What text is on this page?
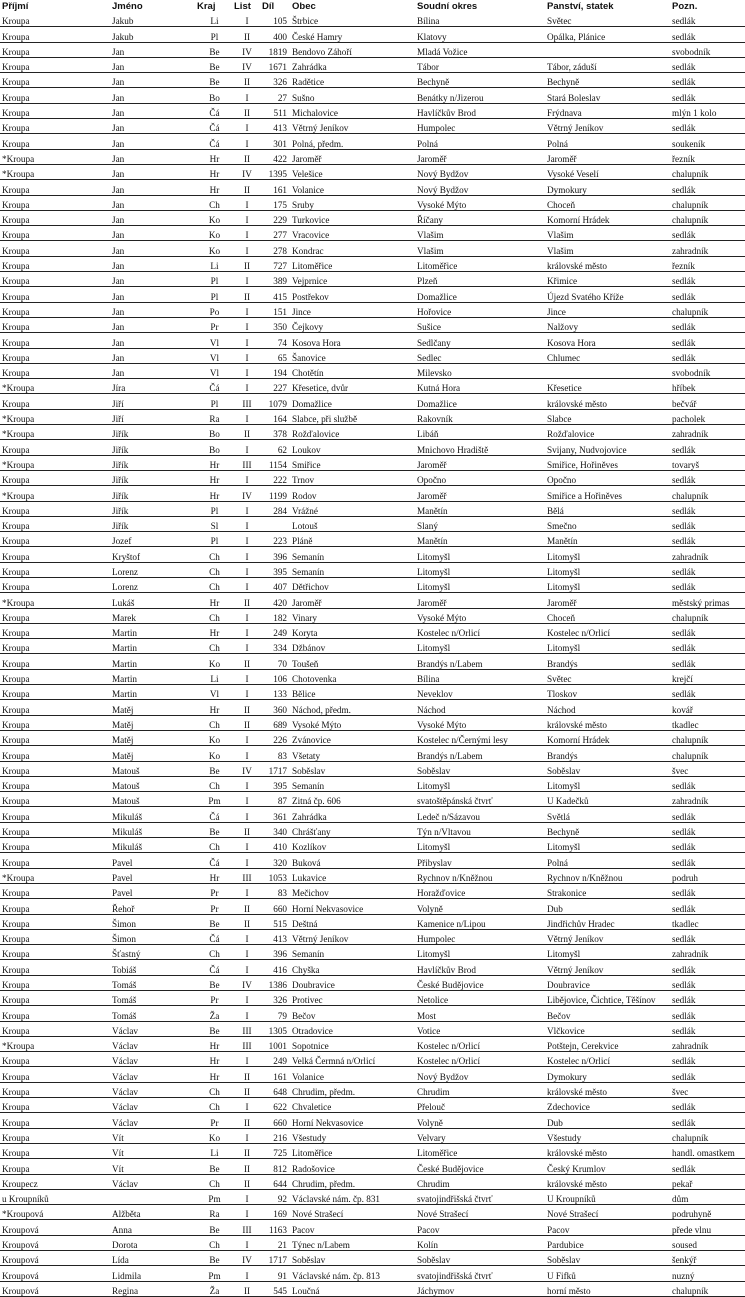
Příjmí	Jméno	Kraj	List	Díl	Obec	Soudní okres	Panství, statek	Pozn.
Kroupa	Jakub	Li	I	105	Štrbice	Bílina	Světec	sedlák
Kroupa	Jakub	Pl	II	400	České Hamry	Klatovy	Opálka, Plánice	sedlák
Kroupa	Jan	Be	IV	1819	Bendovo Záhoří	Mladá Vožice		svobodník
Kroupa	Jan	Be	IV	1671	Zahrádka	Tábor	Tábor, záduší	sedlák
Kroupa	Jan	Be	II	326	Radětice	Bechyně	Bechyně	sedlák
Kroupa	Jan	Bo	I	27	Sušno	Benátky n/Jizerou	Stará Boleslav	sedlák
Kroupa	Jan	Čá	II	511	Michalovice	Havlíčkův Brod	Frýdnava	mlýn 1 kolo
Kroupa	Jan	Čá	I	413	Větrný Jeníkov	Humpolec	Větrný Jeníkov	sedlák
Kroupa	Jan	Čá	I	301	Polná, předm.	Polná	Polná	soukeník
*Kroupa	Jan	Hr	II	422	Jaroměř	Jaroměř	Jaroměř	řezník
*Kroupa	Jan	Hr	IV	1395	Velešice	Nový Bydžov	Vysoké Veselí	chalupník
Kroupa	Jan	Hr	II	161	Volanice	Nový Bydžov	Dymokury	sedlák
Kroupa	Jan	Ch	I	175	Sruby	Vysoké Mýto	Choceň	chalupník
Kroupa	Jan	Ko	I	229	Turkovice	Říčany	Komorní Hrádek	chalupník
Kroupa	Jan	Ko	I	277	Vracovice	Vlašim	Vlašim	sedlák
Kroupa	Jan	Ko	I	278	Kondrac	Vlašim	Vlašim	zahradník
Kroupa	Jan	Li	II	727	Litoměřice	Litoměřice	královské město	řezník
Kroupa	Jan	Pl	I	389	Vejprnice	Plzeň	Křimice	sedlák
Kroupa	Jan	Pl	II	415	Postřekov	Domažlice	Újezd Svatého Kříže	sedlák
Kroupa	Jan	Po	I	151	Jince	Hořovice	Jince	chalupník
Kroupa	Jan	Pr	I	350	Čejkovy	Sušice	Nalžovy	sedlák
Kroupa	Jan	Vl	I	74	Kosova Hora	Sedlčany	Kosova Hora	sedlák
Kroupa	Jan	Vl	I	65	Šanovice	Sedlec	Chlumec	sedlák
Kroupa	Jan	Vl	I	194	Chotětín	Milevsko		svobodník
*Kroupa	Jíra	Čá	I	227	Křesetice, dvůr	Kutná Hora	Křesetice	hříbek
Kroupa	Jiří	Pl	III	1079	Domažlice	Domažlice	královské město	bečvář
*Kroupa	Jiří	Ra	I	164	Slabce, při službě	Rakovník	Slabce	pacholek
*Kroupa	Jiřík	Bo	II	378	Rožďalovice	Libáň	Rožďalovice	zahradník
Kroupa	Jiřík	Bo	I	62	Loukov	Mnichovo Hradiště	Svijany, Nudvojovice	sedlák
*Kroupa	Jiřík	Hr	III	1154	Smiřice	Jaroměř	Smiřice, Hořiněves	tovaryš
Kroupa	Jiřík	Hr	I	222	Trnov	Opočno	Opočno	sedlák
*Kroupa	Jiřík	Hr	IV	1199	Rodov	Jaroměř	Smiřice a Hořiněves	chalupník
Kroupa	Jiřík	Pl	I	284	Vrážné	Manětín	Bělá	sedlák
Kroupa	Jiřík	Sl	I		Lotouš	Slaný	Smečno	sedlák
Kroupa	Jozef	Pl	I	223	Pláně	Manětín	Manětín	sedlák
Kroupa	Kryštof	Ch	I	396	Semanín	Litomyšl	Litomyšl	zahradník
Kroupa	Lorenz	Ch	I	395	Semanín	Litomyšl	Litomyšl	sedlák
Kroupa	Lorenz	Ch	I	407	Dětřichov	Litomyšl	Litomyšl	sedlák
*Kroupa	Lukáš	Hr	II	420	Jaroměř	Jaroměř	Jaroměř	městský primas
Kroupa	Marek	Ch	I	182	Vinary	Vysoké Mýto	Choceň	chalupník
Kroupa	Martin	Hr	I	249	Koryta	Kostelec n/Orlicí	Kostelec n/Orlicí	sedlák
Kroupa	Martin	Ch	I	334	Džbánov	Litomyšl	Litomyšl	sedlák
Kroupa	Martin	Ko	II	70	Toušeň	Brandýs n/Labem	Brandýs	sedlák
Kroupa	Martin	Li	I	106	Chotovenka	Bílina	Světec	krejčí
Kroupa	Martin	Vl	I	133	Bělice	Neveklov	Tloskov	sedlák
Kroupa	Matěj	Hr	II	360	Náchod, předm.	Náchod	Náchod	kovář
Kroupa	Matěj	Ch	II	689	Vysoké Mýto	Vysoké Mýto	královské město	tkadlec
Kroupa	Matěj	Ko	I	226	Zvánovice	Kostelec n/Černými lesy	Komorní Hrádek	chalupník
Kroupa	Matěj	Ko	I	83	Všetaty	Brandýs n/Labem	Brandýs	chalupník
Kroupa	Matouš	Be	IV	1717	Soběslav	Soběslav	Soběslav	švec
Kroupa	Matouš	Ch	I	395	Semanín	Litomyšl	Litomyšl	sedlák
Kroupa	Matouš	Pm	I	87	Zitná čp. 606	svatoštěpánská čtvrť	U Kadečků	zahradník
Kroupa	Mikuláš	Čá	I	361	Zahrádka	Ledeč n/Sázavou	Světlá	sedlák
Kroupa	Mikuláš	Be	II	340	Chrášťany	Týn n/Vltavou	Bechyně	sedlák
Kroupa	Mikuláš	Ch	I	410	Kozlíkov	Litomyšl	Litomyšl	sedlák
Kroupa	Pavel	Čá	I	320	Buková	Přibyslav	Polná	sedlák
*Kroupa	Pavel	Hr	III	1053	Lukavice	Rychnov n/Kněžnou	Rychnov n/Kněžnou	podruh
Kroupa	Pavel	Pr	I	83	Mečichov	Horažďovice	Strakonice	sedlák
Kroupa	Řehoř	Pr	II	660	Horní Nekvasovice	Volyně	Dub	sedlák
Kroupa	Šimon	Be	II	515	Deštná	Kamenice n/Lipou	Jindřichův Hradec	tkadlec
Kroupa	Šimon	Čá	I	413	Větrný Jeníkov	Humpolec	Větrný Jeníkov	sedlák
Kroupa	Šťastný	Ch	I	396	Semanín	Litomyšl	Litomyšl	zahradník
Kroupa	Tobiáš	Čá	I	416	Chyška	Havlíčkův Brod	Větrný Jeníkov	sedlák
Kroupa	Tomáš	Be	IV	1386	Doubravice	České Budějovice	Doubravice	sedlák
Kroupa	Tomáš	Pr	I	326	Protivec	Netolice	Libějovice, Čichtice, Těšínov	sedlák
Kroupa	Tomáš	Ža	I	79	Bečov	Most	Bečov	sedlák
Kroupa	Václav	Be	III	1305	Otradovice	Votice	Vlčkovice	sedlák
*Kroupa	Václav	Hr	III	1001	Sopotnice	Kostelec n/Orlicí	Potštejn, Cerekvice	zahradník
Kroupa	Václav	Hr	I	249	Velká Čermná n/Orlicí	Kostelec n/Orlicí	Kostelec n/Orlicí	sedlák
Kroupa	Václav	Hr	II	161	Volanice	Nový Bydžov	Dymokury	sedlák
Kroupa	Václav	Ch	II	648	Chrudim, předm.	Chrudim	královské město	švec
Kroupa	Václav	Ch	I	622	Chvaletice	Přelouč	Zdechovice	sedlák
Kroupa	Václav	Pr	II	660	Horní Nekvasovice	Volyně	Dub	sedlák
Kroupa	Vít	Ko	I	216	Všestudy	Velvary	Všestudy	chalupník
Kroupa	Vít	Li	II	725	Litoměřice	Litoměřice	královské město	handl. omastkem
Kroupa	Vít	Be	II	812	Radošovice	České Budějovice	Český Krumlov	sedlák
Kroupecz	Václav	Ch	II	644	Chrudim, předm.	Chrudim	královské město	pekař
u Kroupníků		Pm	I	92	Václavské nám. čp. 831	svatojindřišská čtvrť	U Kroupníků	dům
*Kroupová	Alžběta	Ra	I	169	Nové Strašecí	Nové Strašecí	Nové Strašecí	podruhyně
Kroupová	Anna	Be	III	1163	Pacov	Pacov	Pacov	přede vlnu
Kroupová	Dorota	Ch	I	21	Týnec n/Labem	Kolín	Pardubice	soused
Kroupová	Lída	Be	IV	1717	Soběslav	Soběslav	Soběslav	šenkýř
Kroupová	Lidmila	Pm	I	91	Václavské nám. čp. 813	svatojindřišská čtvrť	U Fifků	nuzný
Kroupová	Regina	Ža	II	545	Loučná	Jáchymov	horní město	chalupník
